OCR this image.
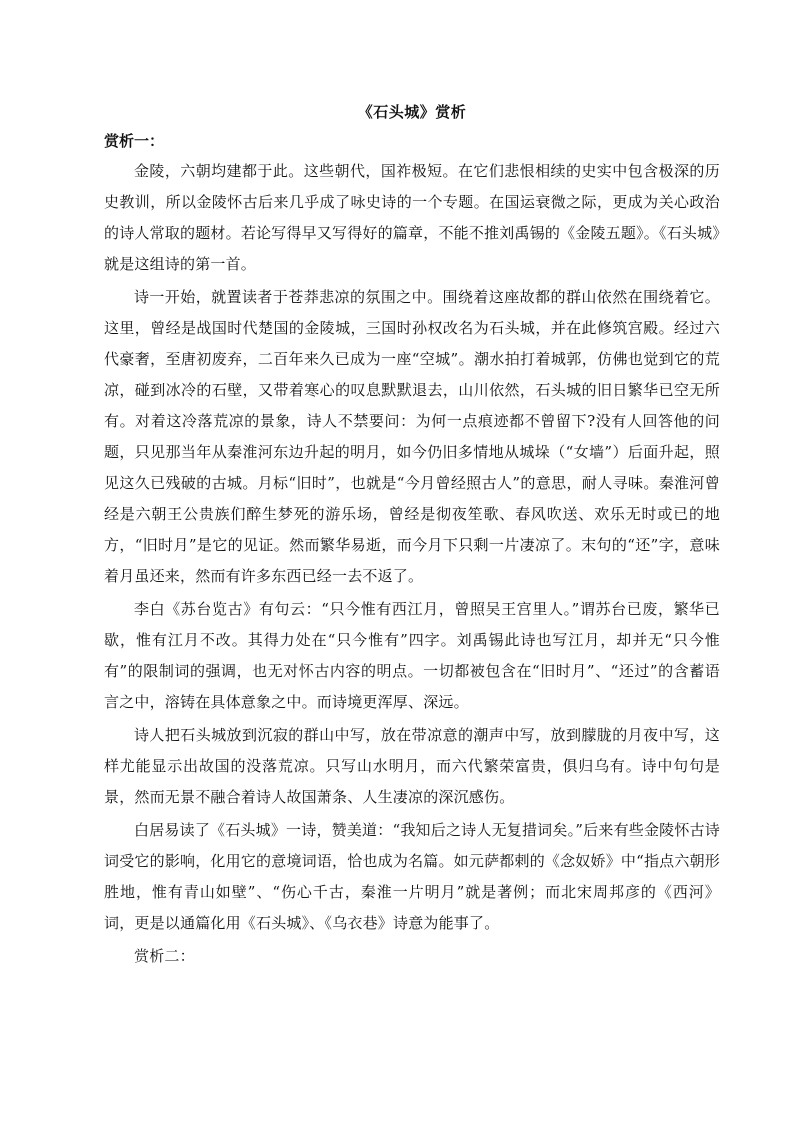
《石头城》赏析
赏析一：

金陵，六朝均建都于此。这些朝代，国祚极短。在它们悲恨相续的史实中包含极深的历史教训，所以金陵怀古后来几乎成了咏史诗的一个专题。在国运衰微之际，更成为关心政治的诗人常取的题材。若论写得早又写得好的篇章，不能不推刘禹锡的《金陵五题》。《石头城》就是这组诗的第一首。

诗一开始，就置读者于苍莽悲凉的氛围之中。围绕着这座故都的群山依然在围绕着它。这里，曾经是战国时代楚国的金陵城，三国时孙权改名为石头城，并在此修筑宫殿。经过六代豪奢，至唐初废弃，二百年来久已成为一座“空城”。潮水拍打着城郭，仿佛也觉到它的荒凉，碰到冰冷的石壁，又带着寒心的叹息默默退去，山川依然，石头城的旧日繁华已空无所有。对着这冷落荒凉的景象，诗人不禁要问：为何一点痕迹都不曾留下?没有人回答他的问题，只见那当年从秦淮河东边升起的明月，如今仍旧多情地从城垛（“女墙”）后面升起，照见这久已残破的古城。月标“旧时”，也就是“今月曾经照古人”的意思，耐人寻味。秦淮河曾经是六朝王公贵族们醉生梦死的游乐场，曾经是彻夜笙歌、春风吹送、欢乐无时或已的地方，“旧时月”是它的见证。然而繁华易逝，而今月下只剩一片凄凉了。末句的“还”字，意味着月虽还来，然而有许多东西已经一去不返了。

李白《苏台览古》有句云：“只今惟有西江月，曾照吴王宫里人。”谓苏台已废，繁华已歇，惟有江月不改。其得力处在“只今惟有”四字。刘禹锡此诗也写江月，却并无“只今惟有”的限制词的强调，也无对怀古内容的明点。一切都被包含在“旧时月”、“还过”的含蓄语言之中，溶铸在具体意象之中。而诗境更浑厚、深远。

诗人把石头城放到沉寂的群山中写，放在带凉意的潮声中写，放到朦胧的月夜中写，这样尤能显示出故国的没落荒凉。只写山水明月，而六代繁荣富贵，俱归乌有。诗中句句是景，然而无景不融合着诗人故国萧条、人生凄凉的深沉感伤。

白居易读了《石头城》一诗，赞美道：“我知后之诗人无复措词矣。”后来有些金陵怀古诗词受它的影响，化用它的意境词语，恰也成为名篇。如元萨都剌的《念奴娇》中“指点六朝形胜地，惟有青山如壁”、“伤心千古，秦淮一片明月”就是著例；而北宋周邦彦的《西河》词，更是以通篇化用《石头城》、《乌衣巷》诗意为能事了。

赏析二：
